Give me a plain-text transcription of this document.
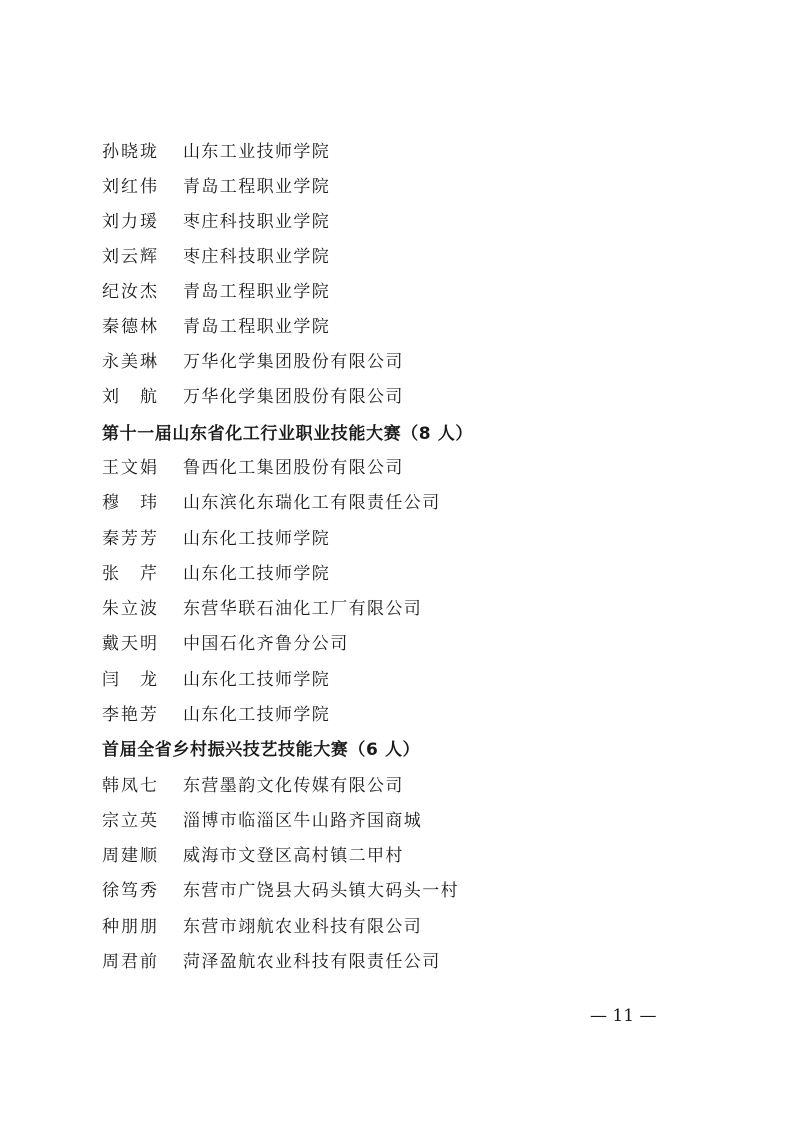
孙晓珑 山东工业技师学院
刘红伟 青岛工程职业学院
刘力瑗 枣庄科技职业学院
刘云辉 枣庄科技职业学院
纪汝杰 青岛工程职业学院
秦德林 青岛工程职业学院
永美琳 万华化学集团股份有限公司
刘　航 万华化学集团股份有限公司
第十一届山东省化工行业职业技能大赛（8 人）
王文娟 鲁西化工集团股份有限公司
穆　玮 山东滨化东瑞化工有限责任公司
秦芳芳 山东化工技师学院
张　芹 山东化工技师学院
朱立波 东营华联石油化工厂有限公司
戴天明 中国石化齐鲁分公司
闫　龙 山东化工技师学院
李艳芳 山东化工技师学院
首届全省乡村振兴技艺技能大赛（6 人）
韩凤七 东营墨韵文化传媒有限公司
宗立英 淄博市临淄区牛山路齐国商城
周建顺 威海市文登区高村镇二甲村
徐笃秀 东营市广饶县大码头镇大码头一村
种朋朋 东营市翊航农业科技有限公司
周君前 菏泽盈航农业科技有限责任公司
— 11 —
